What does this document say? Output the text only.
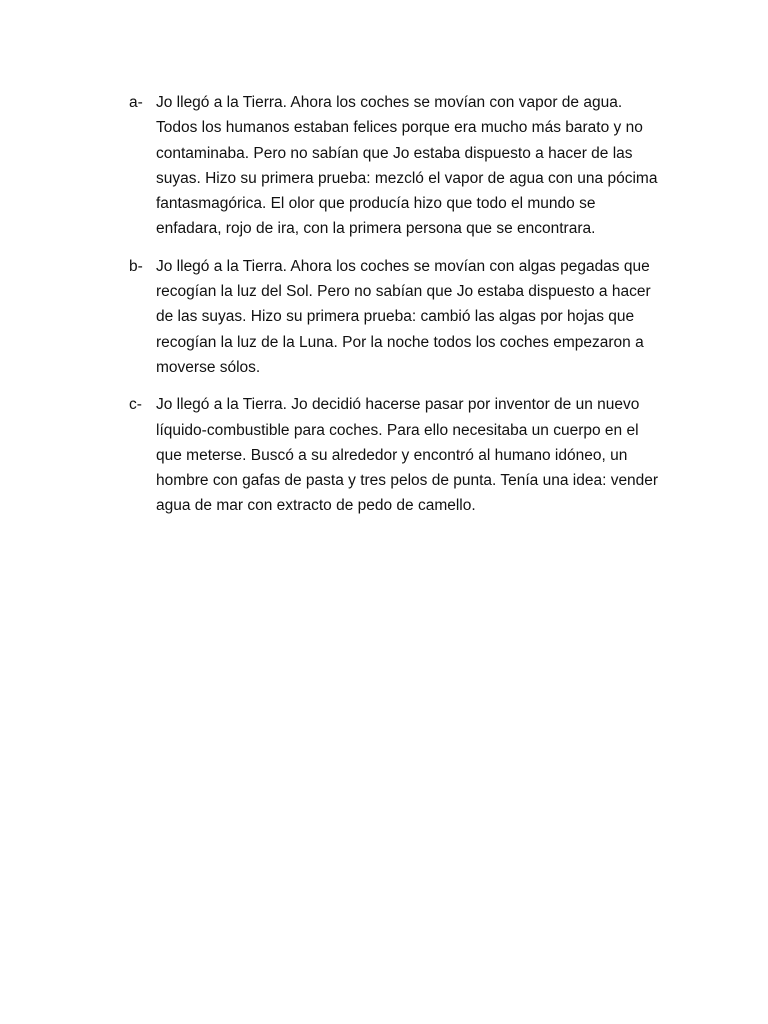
a- Jo llegó a la Tierra. Ahora los coches se movían con vapor de agua. Todos los humanos estaban felices porque era mucho más barato y no contaminaba. Pero no sabían que Jo estaba dispuesto a hacer de las suyas. Hizo su primera prueba: mezcló el vapor de agua con una pócima fantasmagórica. El olor que producía hizo que todo el mundo se enfadara, rojo de ira, con la primera persona que se encontrara.
b- Jo llegó a la Tierra. Ahora los coches se movían con algas pegadas que recogían la luz del Sol. Pero no sabían que Jo estaba dispuesto a hacer de las suyas. Hizo su primera prueba: cambió las algas por hojas que recogían la luz de la Luna. Por la noche todos los coches empezaron a moverse sólos.
c- Jo llegó a la Tierra. Jo decidió hacerse pasar por inventor de un nuevo líquido-combustible para coches. Para ello necesitaba un cuerpo en el que meterse. Buscó a su alrededor y encontró al humano idóneo, un hombre con gafas de pasta y tres pelos de punta. Tenía una idea: vender agua de mar con extracto de pedo de camello.
